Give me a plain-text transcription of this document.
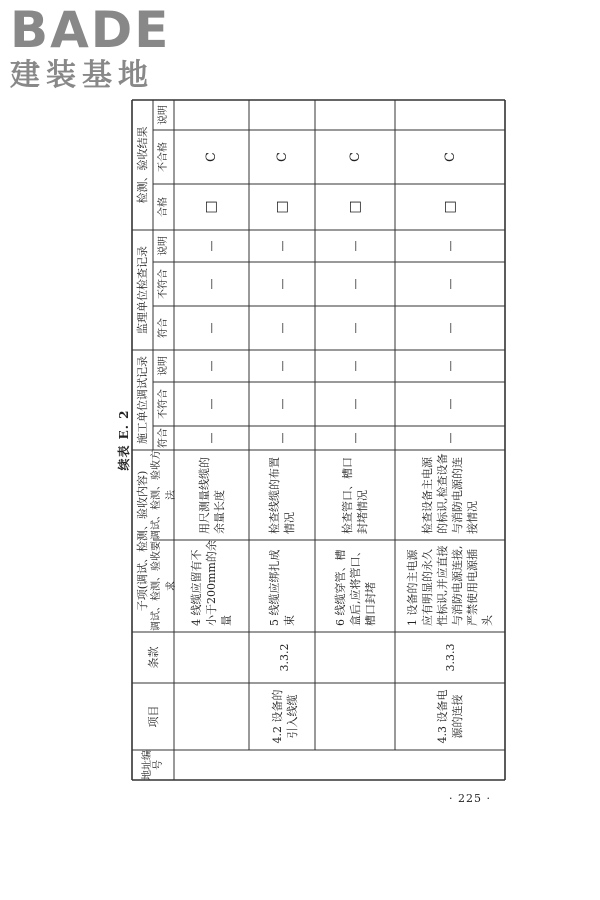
BADE
建装基地
续表 E. 2
地址编号
项目
条款
子项(调试、检测、验收内容) 调试、检测、验收要求
调试、检测、验收方法
施工单位调试记录
监理单位检查记录
检测、验收结果
符合
不符合
说明
符合
不符合
说明
合格
不合格
说明
4.2 设备的引入线缆
3.3.2
4.3 设备电源的连接
3.3.3
4 线缆应留有不小于200mm的余量
用尺测量线缆的余量长度
—
—
—
—
—
—
□
C
5 线缆应绑扎成束
检查线缆的布置情况
—
—
—
—
—
—
□
C
6 线缆穿管、槽盒后,应将管口、槽口封堵
检查管口、槽口封堵情况
—
—
—
—
—
—
□
C
1 设备的主电源应有明显的永久性标识,并应直接与消防电源连接,严禁使用电源插头
检查设备主电源的标识,检查设备与消防电源的连接情况
—
—
—
—
—
—
□
C
· 225 ·
